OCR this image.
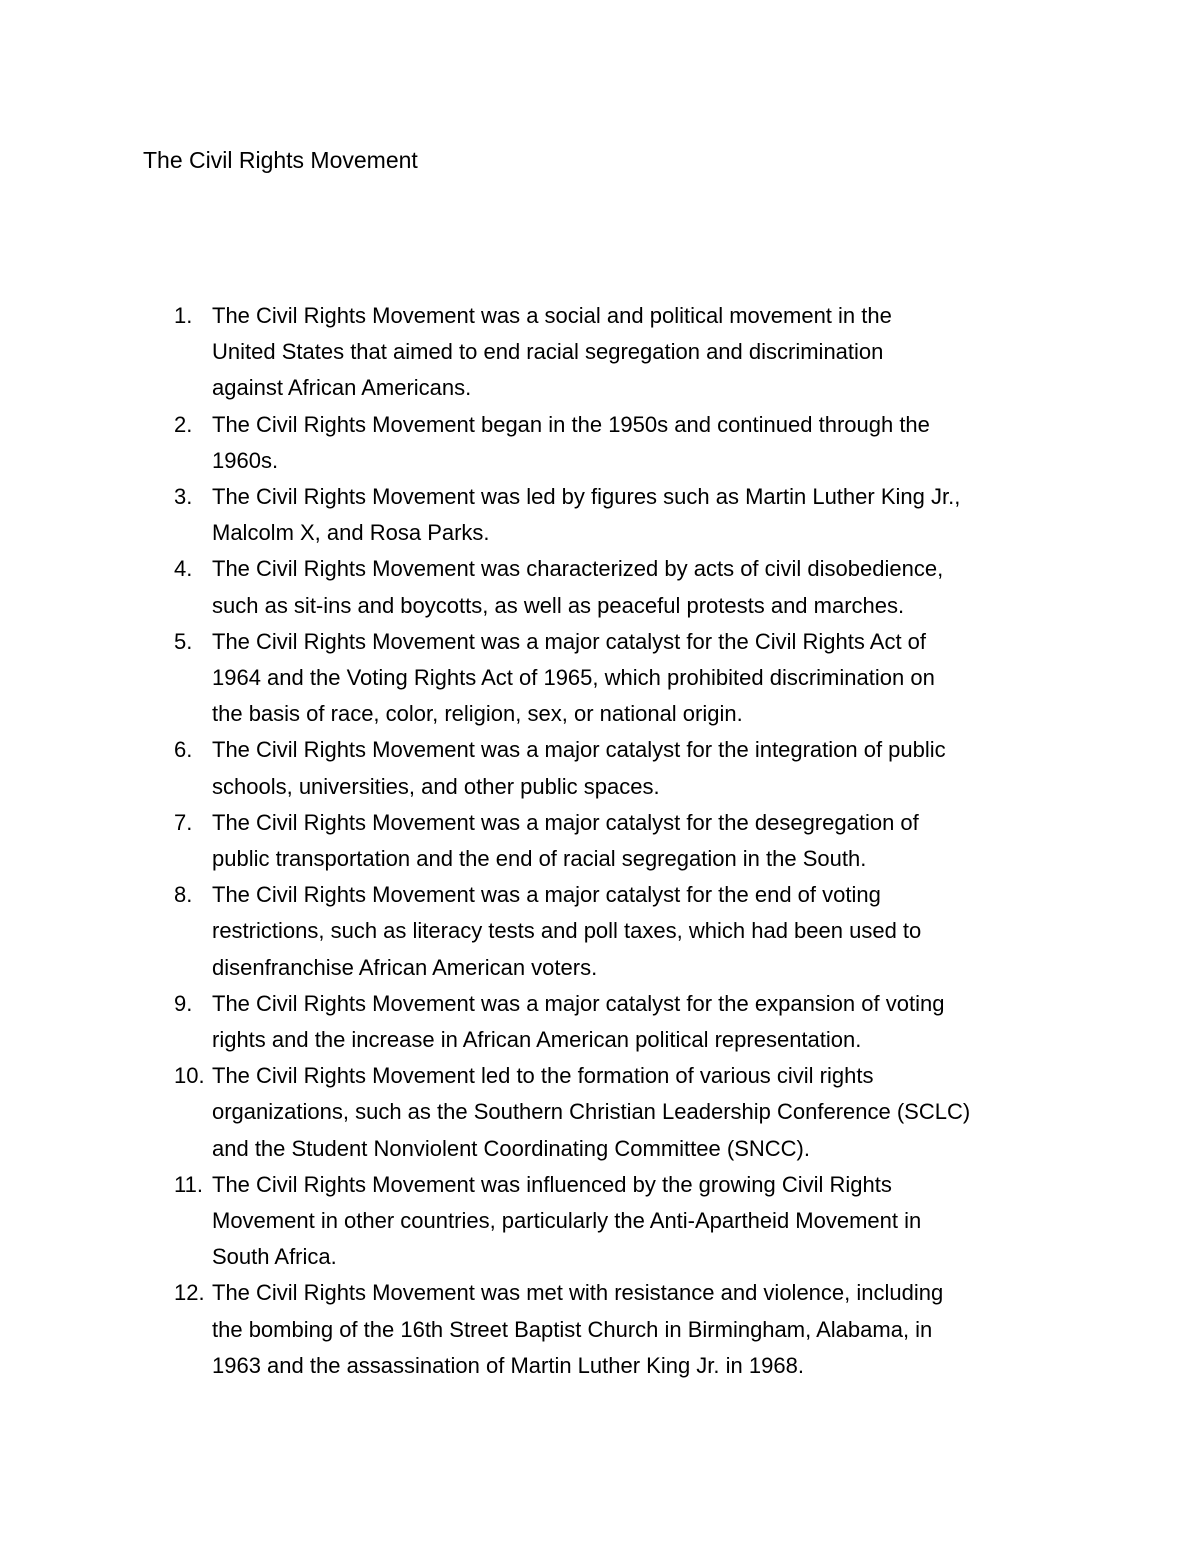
The Civil Rights Movement
1. The Civil Rights Movement was a social and political movement in the
United States that aimed to end racial segregation and discrimination
against African Americans.
2. The Civil Rights Movement began in the 1950s and continued through the
1960s.
3. The Civil Rights Movement was led by figures such as Martin Luther King Jr.,
Malcolm X, and Rosa Parks.
4. The Civil Rights Movement was characterized by acts of civil disobedience,
such as sit-ins and boycotts, as well as peaceful protests and marches.
5. The Civil Rights Movement was a major catalyst for the Civil Rights Act of
1964 and the Voting Rights Act of 1965, which prohibited discrimination on
the basis of race, color, religion, sex, or national origin.
6. The Civil Rights Movement was a major catalyst for the integration of public
schools, universities, and other public spaces.
7. The Civil Rights Movement was a major catalyst for the desegregation of
public transportation and the end of racial segregation in the South.
8. The Civil Rights Movement was a major catalyst for the end of voting
restrictions, such as literacy tests and poll taxes, which had been used to
disenfranchise African American voters.
9. The Civil Rights Movement was a major catalyst for the expansion of voting
rights and the increase in African American political representation.
10. The Civil Rights Movement led to the formation of various civil rights
organizations, such as the Southern Christian Leadership Conference (SCLC)
and the Student Nonviolent Coordinating Committee (SNCC).
11. The Civil Rights Movement was influenced by the growing Civil Rights
Movement in other countries, particularly the Anti-Apartheid Movement in
South Africa.
12. The Civil Rights Movement was met with resistance and violence, including
the bombing of the 16th Street Baptist Church in Birmingham, Alabama, in
1963 and the assassination of Martin Luther King Jr. in 1968.
